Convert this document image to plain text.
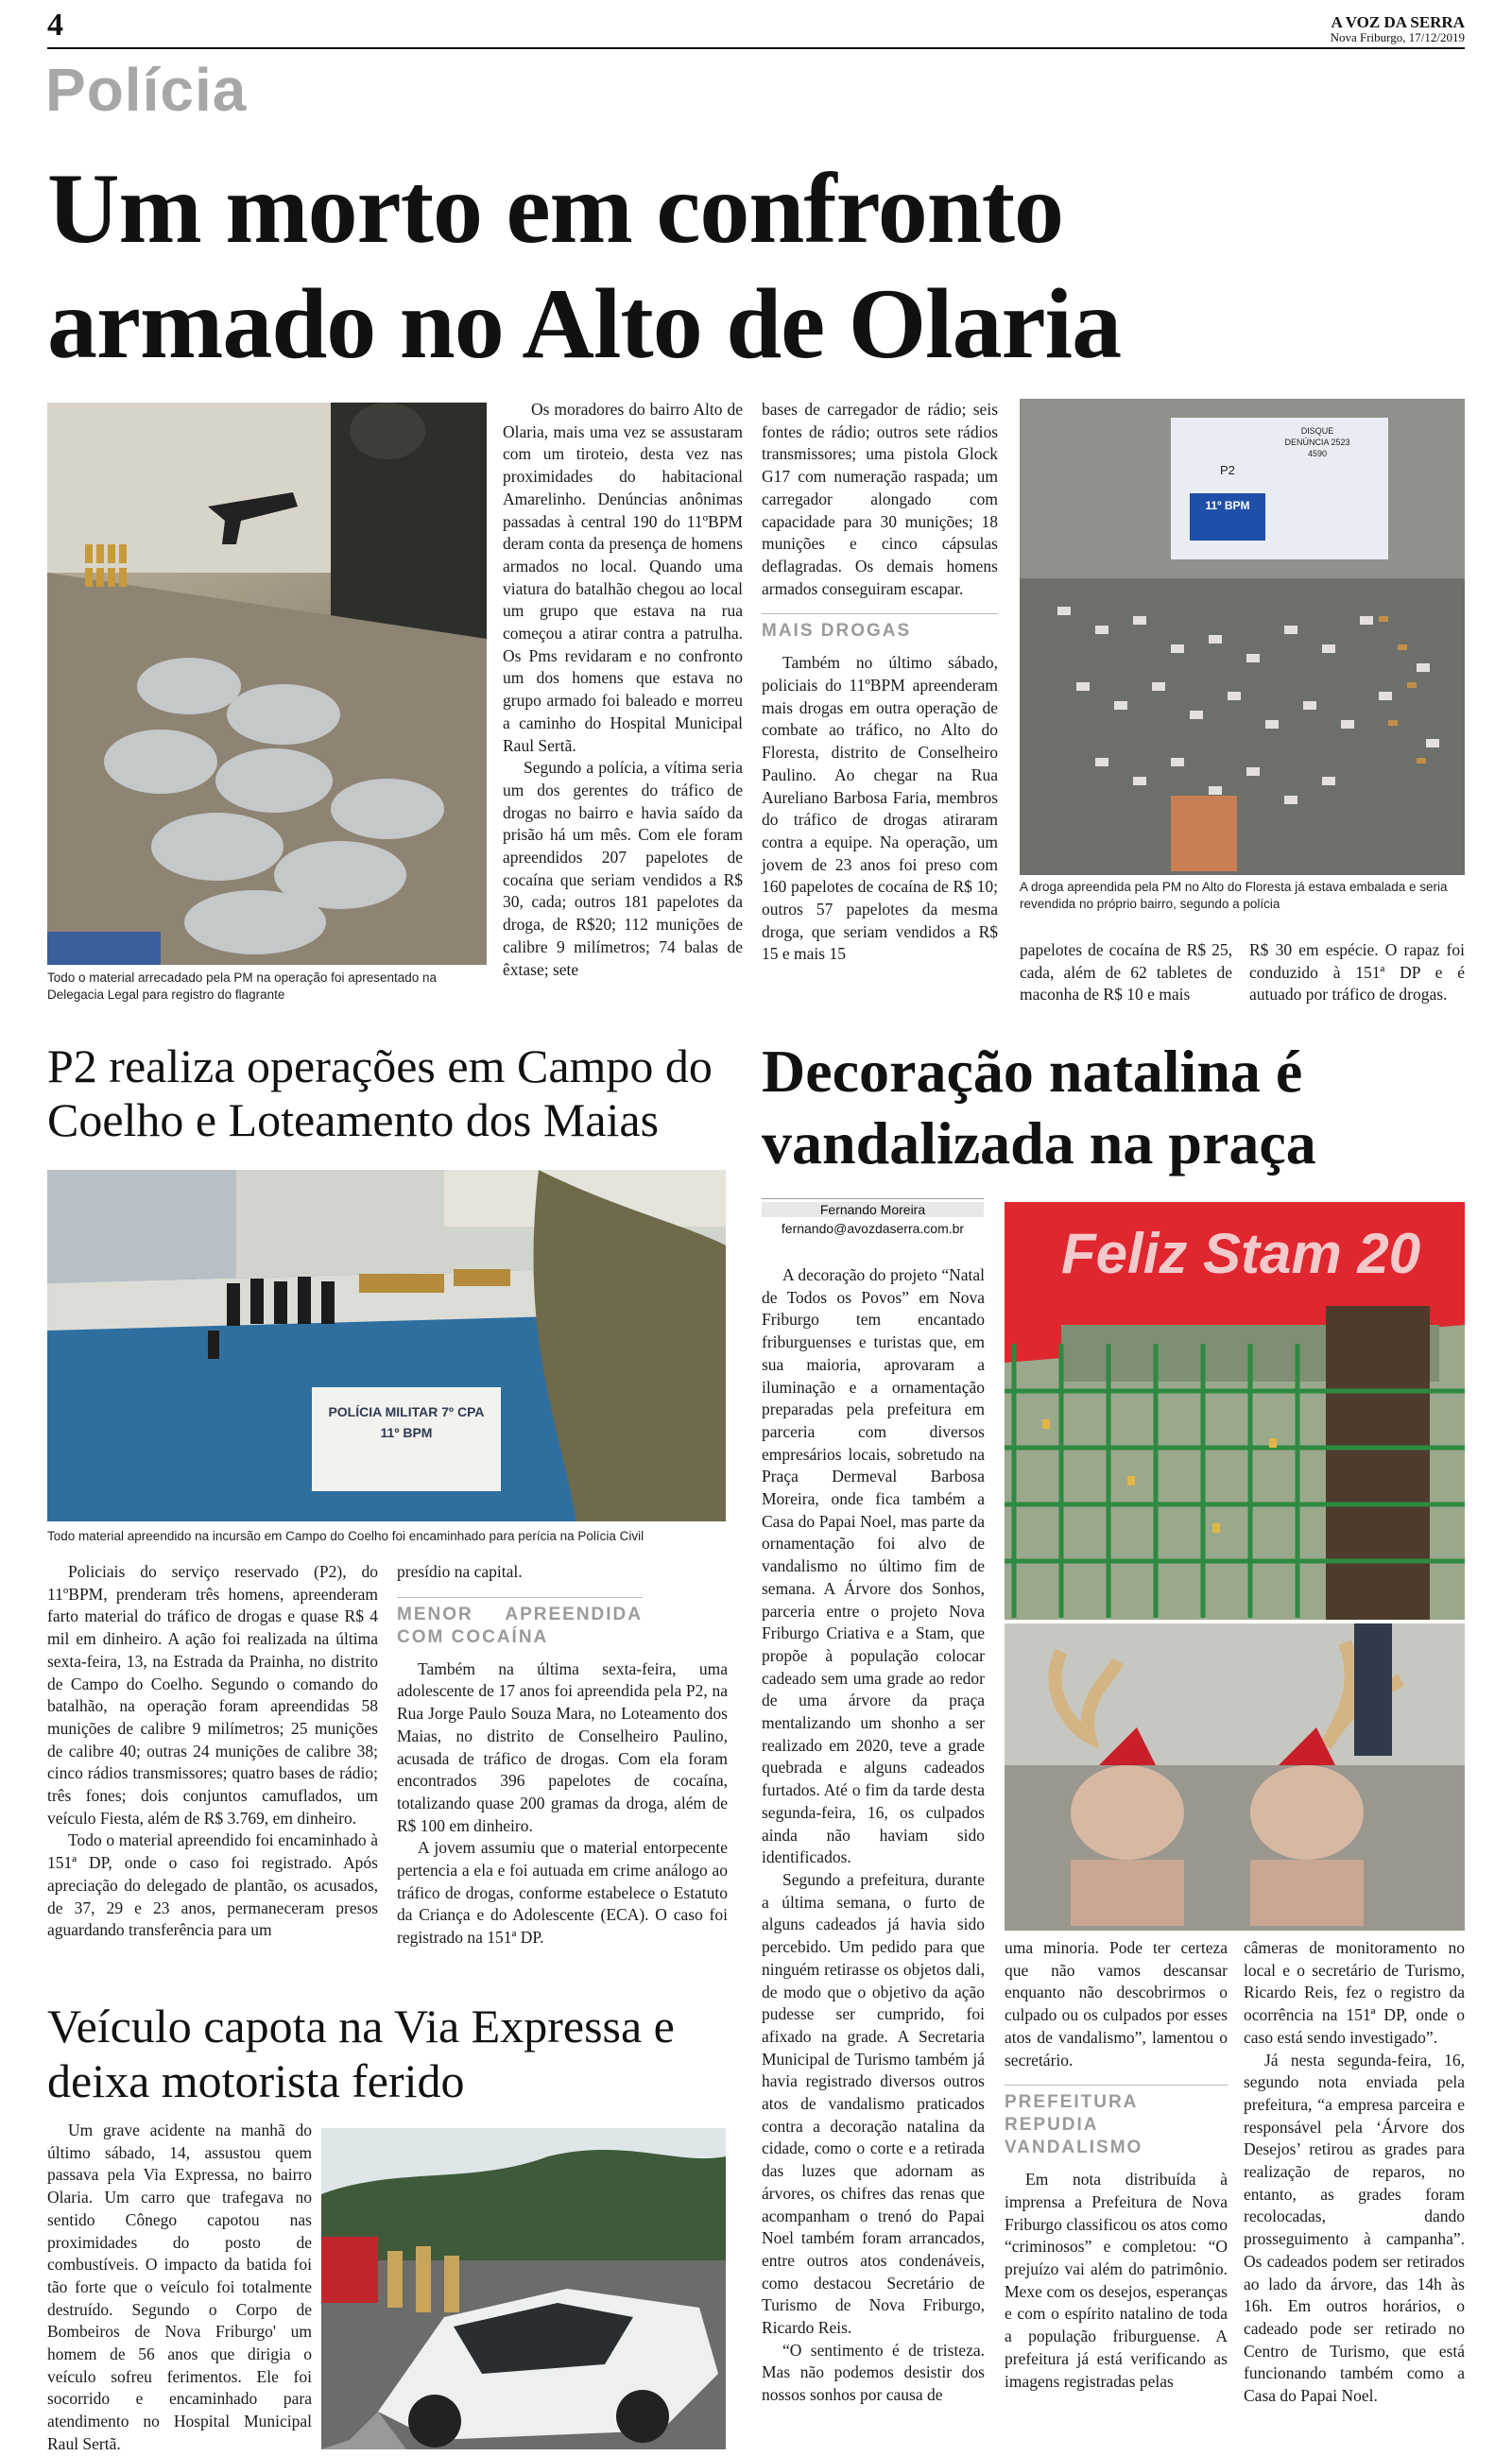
4	A VOZ DA SERRA
Nova Friburgo, 17/12/2019
Polícia
Um morto em confronto
armado no Alto de Olaria
Todo o material arrecadado pela PM na operação foi apresentado na Delegacia Legal para registro do flagrante

Os moradores do bairro Alto de Olaria, mais uma vez se assustaram com um tiroteio, desta vez nas proximidades do habitacional Amarelinho. Denúncias anônimas passadas à central 190 do 11ºBPM deram conta da presença de homens armados no local. Quando uma viatura do batalhão chegou ao local um grupo que estava na rua começou a atirar contra a patrulha. Os Pms revidaram e no confronto um dos homens que estava no grupo armado foi baleado e morreu a caminho do Hospital Municipal Raul Sertã.

Segundo a polícia, a vítima seria um dos gerentes do tráfico de drogas no bairro e havia saído da prisão há um mês. Com ele foram apreendidos 207 papelotes de cocaína que seriam vendidos a R$ 30, cada; outros 181 papelotes da droga, de R$20; 112 munições de calibre 9 milímetros; 74 balas de êxtase; sete

bases de carregador de rádio; seis fontes de rádio; outros sete rádios transmissores; uma pistola Glock G17 com numeração raspada; um carregador alongado com capacidade para 30 munições; 18 munições e cinco cápsulas deflagradas. Os demais homens armados conseguiram escapar.

MAIS DROGAS

Também no último sábado, policiais do 11ºBPM apreenderam mais drogas em outra operação de combate ao tráfico, no Alto do Floresta, distrito de Conselheiro Paulino. Ao chegar na Rua Aureliano Barbosa Faria, membros do tráfico de drogas atiraram contra a equipe. Na operação, um jovem de 23 anos foi preso com 160 papelotes de cocaína de R$ 10; outros 57 papelotes da mesma droga, que seriam vendidos a R$ 15 e mais 15

P2
11º BPM
DISQUE DENÚNCIA 2523 4590
A droga apreendida pela PM no Alto do Floresta já estava embalada e seria revendida no próprio bairro, segundo a polícia

papelotes de cocaína de R$ 25, cada, além de 62 tabletes de maconha de R$ 10 e mais

R$ 30 em espécie. O rapaz foi conduzido à 151ª DP e é autuado por tráfico de drogas.

P2 realiza operações em Campo do Coelho e Loteamento dos Maias
POLÍCIA MILITAR 7º CPA 11º BPM
Todo material apreendido na incursão em Campo do Coelho foi encaminhado para perícia na Polícia Civil

Policiais do serviço reservado (P2), do 11ºBPM, prenderam três homens, apreenderam farto material do tráfico de drogas e quase R$ 4 mil em dinheiro. A ação foi realizada na última sexta-feira, 13, na Estrada da Prainha, no distrito de Campo do Coelho. Segundo o comando do batalhão, na operação foram apreendidas 58 munições de calibre 9 milímetros; 25 munições de calibre 40; outras 24 munições de calibre 38; cinco rádios transmissores; quatro bases de rádio; três fones; dois conjuntos camuflados, um veículo Fiesta, além de R$ 3.769, em dinheiro.

Todo o material apreendido foi encaminhado à 151ª DP, onde o caso foi registrado. Após apreciação do delegado de plantão, os acusados, de 37, 29 e 23 anos, permaneceram presos aguardando transferência para um

presídio na capital.

MENOR APREENDIDA COM COCAÍNA

Também na última sexta-feira, uma adolescente de 17 anos foi apreendida pela P2, na Rua Jorge Paulo Souza Mara, no Loteamento dos Maias, no distrito de Conselheiro Paulino, acusada de tráfico de drogas. Com ela foram encontrados 396 papelotes de cocaína, totalizando quase 200 gramas da droga, além de R$ 100 em dinheiro.

A jovem assumiu que o material entorpecente pertencia a ela e foi autuada em crime análogo ao tráfico de drogas, conforme estabelece o Estatuto da Criança e do Adolescente (ECA). O caso foi registrado na 151ª DP.

Veículo capota na Via Expressa e deixa motorista ferido

Um grave acidente na manhã do último sábado, 14, assustou quem passava pela Via Expressa, no bairro Olaria. Um carro que trafegava no sentido Cônego capotou nas proximidades do posto de combustíveis. O impacto da batida foi tão forte que o veículo foi totalmente destruído. Segundo o Corpo de Bombeiros de Nova Friburgo' um homem de 56 anos que dirigia o veículo sofreu ferimentos. Ele foi socorrido e encaminhado para atendimento no Hospital Municipal Raul Sertã.

Decoração natalina é vandalizada na praça
Fernando Moreira
fernando@avozdaserra.com.br

A decoração do projeto “Natal de Todos os Povos” em Nova Friburgo tem encantado friburguenses e turistas que, em sua maioria, aprovaram a iluminação e a ornamentação preparadas pela prefeitura em parceria com diversos empresários locais, sobretudo na Praça Dermeval Barbosa Moreira, onde fica também a Casa do Papai Noel, mas parte da ornamentação foi alvo de vandalismo no último fim de semana. A Árvore dos Sonhos, parceria entre o projeto Nova Friburgo Criativa e a Stam, que propõe à população colocar cadeado sem uma grade ao redor de uma árvore da praça mentalizando um shonho a ser realizado em 2020, teve a grade quebrada e alguns cadeados furtados. Até o fim da tarde desta segunda-feira, 16, os culpados ainda não haviam sido identificados.

Segundo a prefeitura, durante a última semana, o furto de alguns cadeados já havia sido percebido. Um pedido para que ninguém retirasse os objetos dali, de modo que o objetivo da ação pudesse ser cumprido, foi afixado na grade. A Secretaria Municipal de Turismo também já havia registrado diversos outros atos de vandalismo praticados contra a decoração natalina da cidade, como o corte e a retirada das luzes que adornam as árvores, os chifres das renas que acompanham o trenó do Papai Noel também foram arrancados, entre outros atos condenáveis, como destacou Secretário de Turismo de Nova Friburgo, Ricardo Reis.

“O sentimento é de tristeza. Mas não podemos desistir dos nossos sonhos por causa de

Feliz Stam 20

uma minoria. Pode ter certeza que não vamos descansar enquanto não descobrirmos o culpado ou os culpados por esses atos de vandalismo”, lamentou o secretário.

PREFEITURA REPUDIA VANDALISMO

Em nota distribuída à imprensa a Prefeitura de Nova Friburgo classificou os atos como “criminosos” e completou: “O prejuízo vai além do patrimônio. Mexe com os desejos, esperanças e com o espírito natalino de toda a população friburguense. A prefeitura já está verificando as imagens registradas pelas

câmeras de monitoramento no local e o secretário de Turismo, Ricardo Reis, fez o registro da ocorrência na 151ª DP, onde o caso está sendo investigado”.

Já nesta segunda-feira, 16, segundo nota enviada pela prefeitura, “a empresa parceira e responsável pela ‘Árvore dos Desejos’ retirou as grades para realização de reparos, no entanto, as grades foram recolocadas, dando prosseguimento à campanha”. Os cadeados podem ser retirados ao lado da árvore, das 14h às 16h. Em outros horários, o cadeado pode ser retirado no Centro de Turismo, que está funcionando também como a Casa do Papai Noel.
